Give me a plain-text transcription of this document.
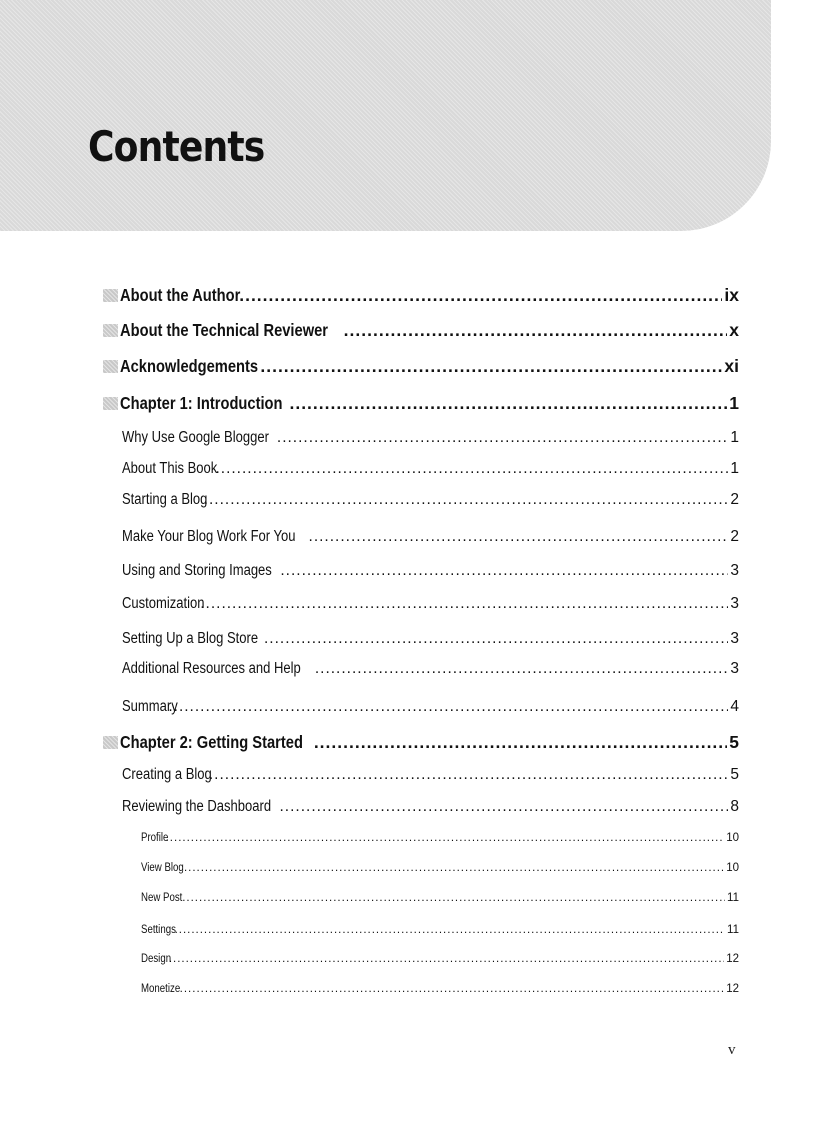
Contents
About the Author .....	ix
About the Technical Reviewer .....	x
Acknowledgements .....	xi
Chapter 1: Introduction .....	1
Why Use Google Blogger .....	1
About This Book .....	1
Starting a Blog .....	2
Make Your Blog Work For You .....	2
Using and Storing Images .....	3
Customization .....	3
Setting Up a Blog Store .....	3
Additional Resources and Help .....	3
Summary .....	4
Chapter 2: Getting Started .....	5
Creating a Blog .....	5
Reviewing the Dashboard .....	8
Profile .....	10
View Blog .....	10
New Post .....	11
Settings .....	11
Design .....	12
Monetize .....	12
v
